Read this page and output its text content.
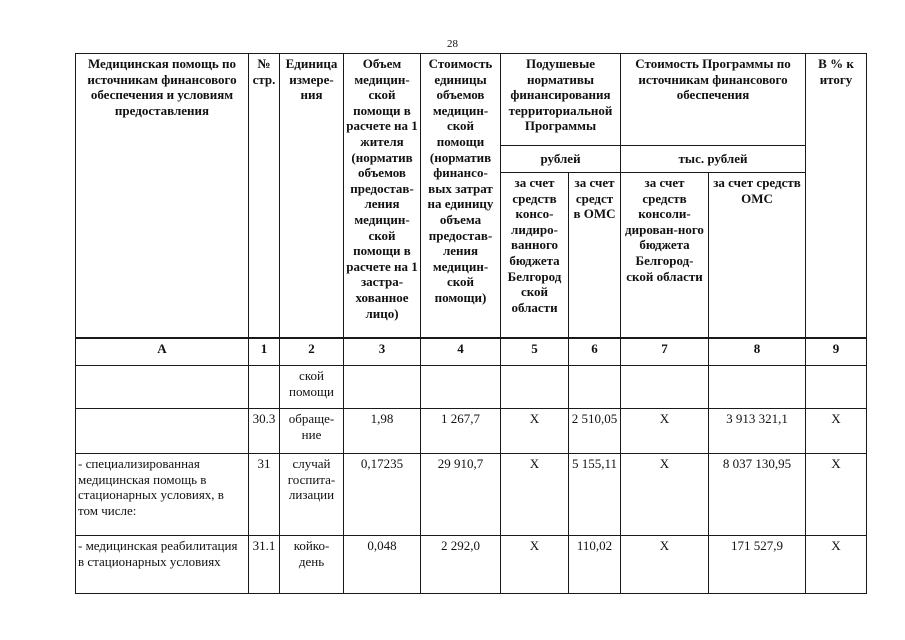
28
Медицинская помощь по источникам финансового обеспечения и условиям предоставления	№ стр.	Единица измере-ния	Объем медицин-ской помощи в расчете на 1 жителя (норматив объемов предостав-ления медицин-ской помощи в расчете на 1 застра-хованное лицо)	Стоимость единицы объемов медицин-ской помощи (норматив финансо-вых затрат на единицу объема предостав-ления медицин-ской помощи)	Подушевые нормативы финансирования территориальной Программы		Стоимость Программы по источникам финансового обеспечения		В % к итогу
					рублей		тыс. рублей		
					за счет средств консо-лидиро-ванного бюджета Белгород ской области	за счет средст в ОМС	за счет средств консоли-дирован-ного бюджета Белгород-ской области	за счет средств ОМС	
А	1	2	3	4	5	6	7	8	9
		ской помощи							
	30.3	обраще-ние	1,98	1 267,7	Х	2 510,05	Х	3 913 321,1	Х
- специализированная медицинская помощь в стационарных условиях, в том числе:	31	случай госпита-лизации	0,17235	29 910,7	Х	5 155,11	Х	8 037 130,95	Х
- медицинская реабилитация в стационарных условиях	31.1	койко-день	0,048	2 292,0	Х	110,02	Х	171 527,9	Х
